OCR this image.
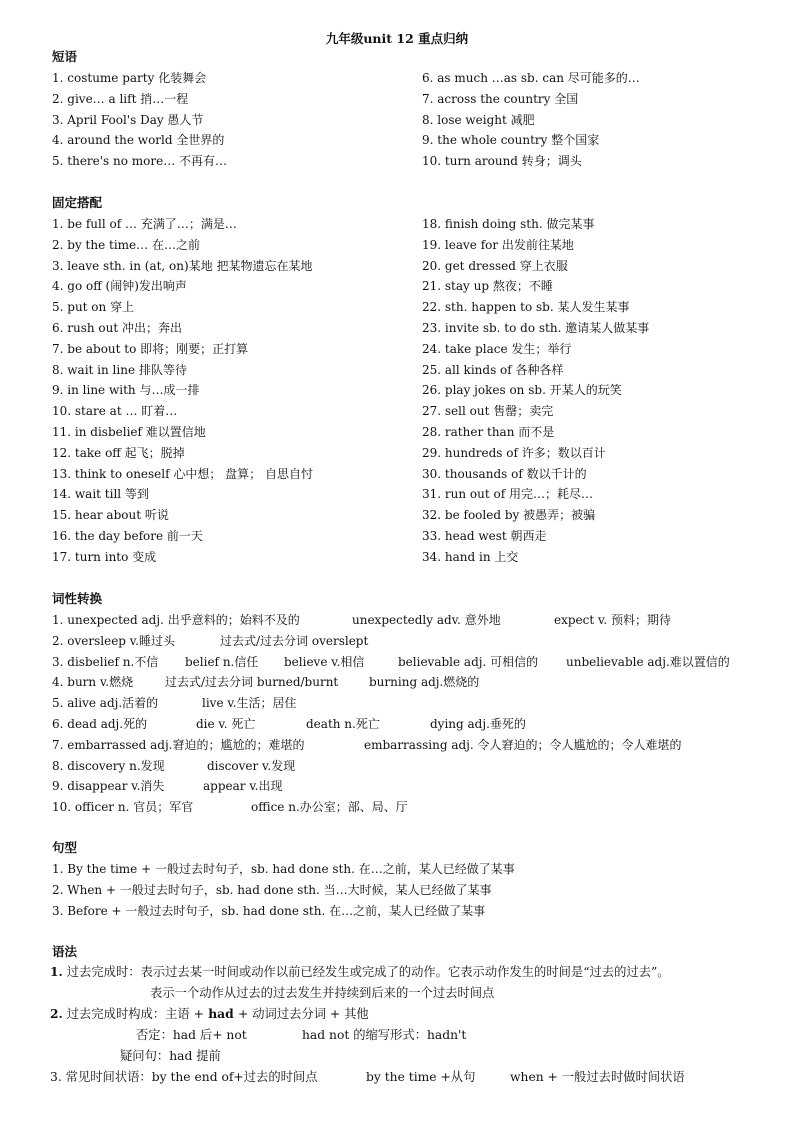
九年级unit 12 重点归纳
短语
1. costume party 化装舞会
2. give… a lift 捎…一程
3. April Fool's Day 愚人节
4. around the world 全世界的
5. there's no more… 不再有…
6. as much …as sb. can 尽可能多的…
7. across the country 全国
8. lose weight 减肥
9. the whole country 整个国家
10. turn around 转身；调头
固定搭配
1. be full of … 充满了…；满是…
2. by the time… 在…之前
3. leave sth. in (at, on)某地 把某物遗忘在某地
4. go off (闹钟)发出响声
5. put on 穿上
6. rush out 冲出；奔出
7. be about to 即将；刚要；正打算
8. wait in line 排队等待
9. in line with 与…成一排
10. stare at … 盯着…
11. in disbelief 难以置信地
12. take off 起飞；脱掉
13. think to oneself 心中想； 盘算； 自思自忖
14. wait till 等到
15. hear about 听说
16. the day before 前一天
17. turn into 变成
18. finish doing sth. 做完某事
19. leave for 出发前往某地
20. get dressed 穿上衣服
21. stay up 熬夜；不睡
22. sth. happen to sb. 某人发生某事
23. invite sb. to do sth. 邀请某人做某事
24. take place 发生；举行
25. all kinds of 各种各样
26. play jokes on sb. 开某人的玩笑
27. sell out 售罄；卖完
28. rather than 而不是
29. hundreds of 许多；数以百计
30. thousands of 数以千计的
31. run out of 用完…；耗尽…
32. be fooled by 被愚弄；被骗
33. head west 朝西走
34. hand in 上交
词性转换
1. unexpected adj. 出乎意料的；始料不及的	unexpectedly adv. 意外地	expect v. 预料；期待
2. oversleep v.睡过头	过去式/过去分词 overslept
3. disbelief n.不信 belief n.信任 believe v.相信	believable adj. 可相信的 unbelievable adj.难以置信的
4. burn v.燃烧	过去式/过去分词 burned/burnt	burning adj.燃烧的
5. alive adj.活着的	live v.生活；居住
6. dead adj.死的	die v. 死亡	death n.死亡	dying adj.垂死的
7. embarrassed adj.窘迫的；尴尬的；难堪的	embarrassing adj. 令人窘迫的；令人尴尬的；令人难堪的
8. discovery n.发现	discover v.发现
9. disappear v.消失	appear v.出现
10. officer n. 官员；军官	office n.办公室；部、局、厅
句型
1. By the time + 一般过去时句子，sb. had done sth. 在…之前，某人已经做了某事
2. When + 一般过去时句子，sb. had done sth. 当…大时候，某人已经做了某事
3. Before + 一般过去时句子，sb. had done sth. 在…之前，某人已经做了某事
语法
1. 过去完成时：表示过去某一时间或动作以前已经发生或完成了的动作。它表示动作发生的时间是“过去的过去”。
表示一个动作从过去的过去发生并持续到后来的一个过去时间点
2. 过去完成时构成：主语 + had + 动词过去分词 + 其他
否定：had 后+ not	had not 的缩写形式：hadn't
疑问句：had 提前
3. 常见时间状语：by the end of+过去的时间点	by the time +从句	when + 一般过去时做时间状语
